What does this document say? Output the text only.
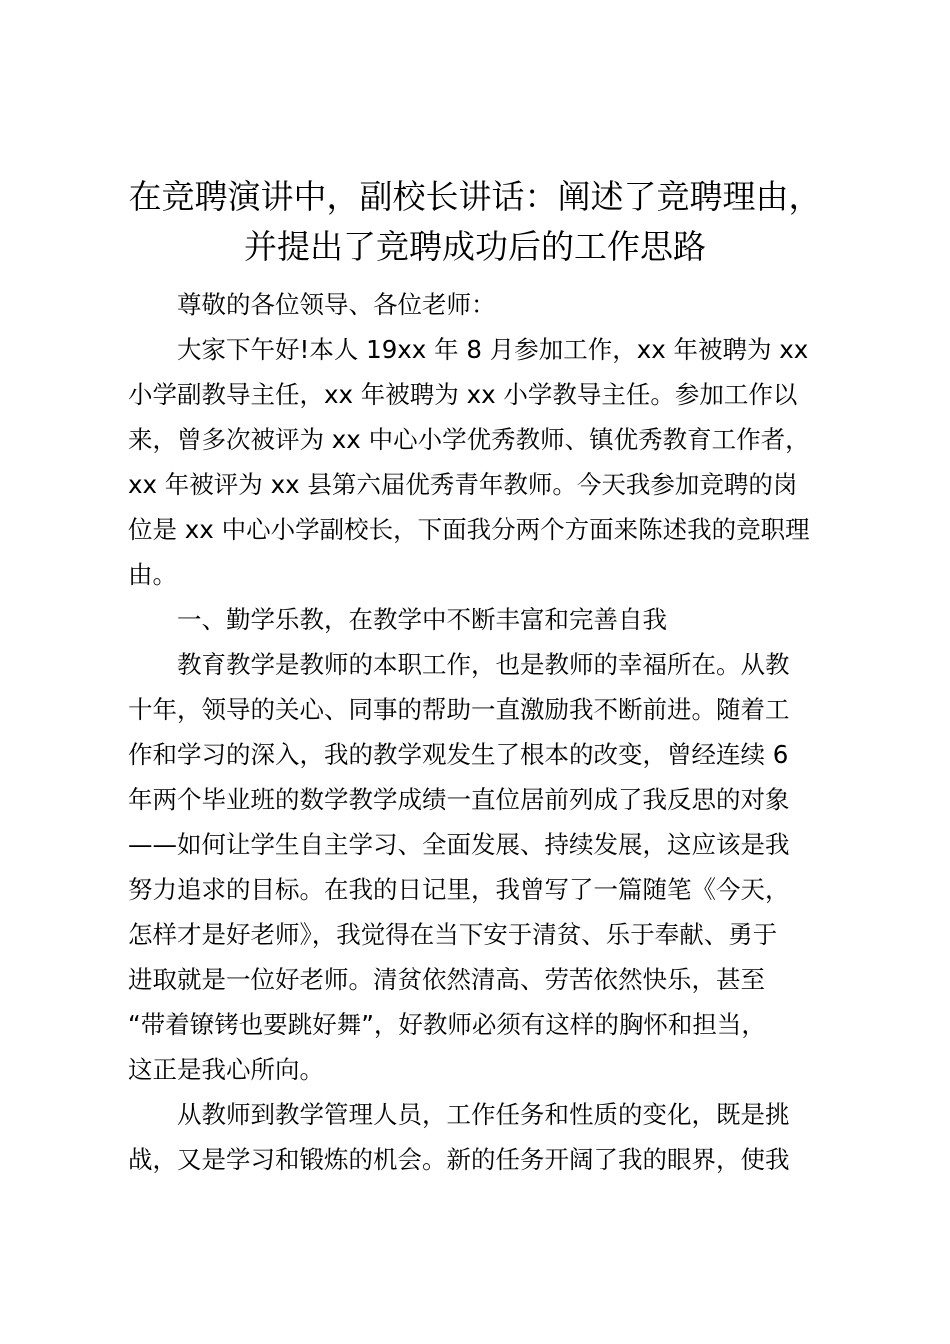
在竞聘演讲中，副校长讲话：阐述了竞聘理由，
并提出了竞聘成功后的工作思路
尊敬的各位领导、各位老师：
大家下午好!本人 19xx 年 8 月参加工作，xx 年被聘为 xx
小学副教导主任，xx 年被聘为 xx 小学教导主任。参加工作以
来，曾多次被评为 xx 中心小学优秀教师、镇优秀教育工作者，
xx 年被评为 xx 县第六届优秀青年教师。今天我参加竞聘的岗
位是 xx 中心小学副校长，下面我分两个方面来陈述我的竞职理
由。
一、勤学乐教，在教学中不断丰富和完善自我
教育教学是教师的本职工作，也是教师的幸福所在。从教
十年，领导的关心、同事的帮助一直激励我不断前进。随着工
作和学习的深入，我的教学观发生了根本的改变，曾经连续 6
年两个毕业班的数学教学成绩一直位居前列成了我反思的对象
——如何让学生自主学习、全面发展、持续发展，这应该是我
努力追求的目标。在我的日记里，我曾写了一篇随笔《今天，
怎样才是好老师》，我觉得在当下安于清贫、乐于奉献、勇于
进取就是一位好老师。清贫依然清高、劳苦依然快乐，甚至
“带着镣铐也要跳好舞”，好教师必须有这样的胸怀和担当，
这正是我心所向。
从教师到教学管理人员，工作任务和性质的变化，既是挑
战，又是学习和锻炼的机会。新的任务开阔了我的眼界，使我
